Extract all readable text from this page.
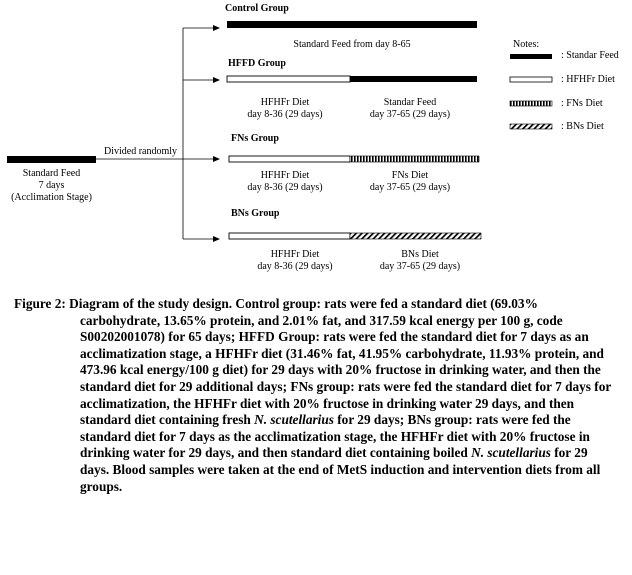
Standard Feed
7 days
(Acclimation Stage)
Divided randomly
Control Group
Standard Feed from day 8-65
HFFD Group
HFHFr Diet
day 8-36 (29 days)
Standar Feed
day 37-65 (29 days)
FNs Group
HFHFr Diet
day 8-36 (29 days)
FNs Diet
day 37-65 (29 days)
BNs Group
HFHFr Diet
day 8-36 (29 days)
BNs Diet
day 37-65 (29 days)
Notes:
: Standar Feed
: HFHFr Diet
: FNs Diet
: BNs Diet

Figure 2: Diagram of the study design. Control group: rats were fed a standard diet (69.03% carbohydrate, 13.65% protein, and 2.01% fat, and 317.59 kcal energy per 100 g, code S00202001078) for 65 days; HFFD Group: rats were fed the standard diet for 7 days as an acclimatization stage, a HFHFr diet (31.46% fat, 41.95% carbohydrate, 11.93% protein, and 473.96 kcal energy/100 g diet) for 29 days with 20% fructose in drinking water, and then the standard diet for 29 additional days; FNs group: rats were fed the standard diet for 7 days for acclimatization, the HFHFr diet with 20% fructose in drinking water 29 days, and then standard diet containing fresh N. scutellarius for 29 days; BNs group: rats were fed the standard diet for 7 days as the acclimatization stage, the HFHFr diet with 20% fructose in drinking water for 29 days, and then standard diet containing boiled N. scutellarius for 29 days. Blood samples were taken at the end of MetS induction and intervention diets from all groups.
